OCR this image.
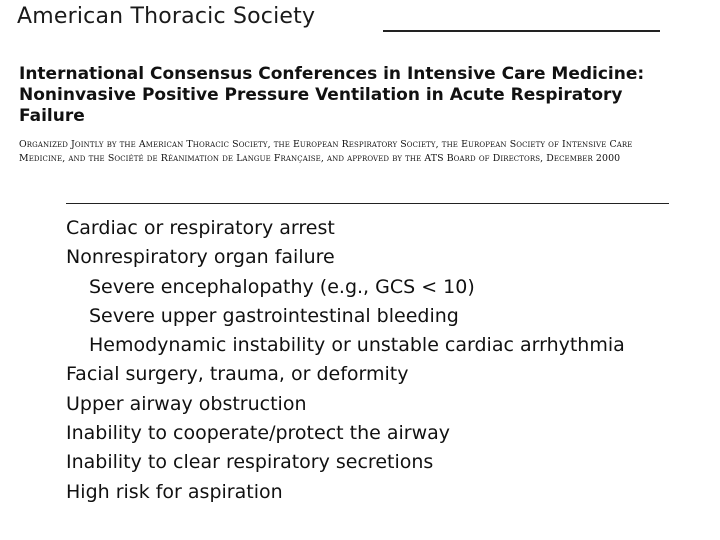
American Thoracic Society
International Consensus Conferences in Intensive Care Medicine: Noninvasive Positive Pressure Ventilation in Acute Respiratory Failure

Organized Jointly by the American Thoracic Society, the European Respiratory Society, the European Society of Intensive Care Medicine, and the Société de Réanimation de Langue Française, and approved by the ATS Board of Directors, December 2000

Cardiac or respiratory arrest
Nonrespiratory organ failure
Severe encephalopathy (e.g., GCS < 10)
Severe upper gastrointestinal bleeding
Hemodynamic instability or unstable cardiac arrhythmia
Facial surgery, trauma, or deformity
Upper airway obstruction
Inability to cooperate/protect the airway
Inability to clear respiratory secretions
High risk for aspiration
